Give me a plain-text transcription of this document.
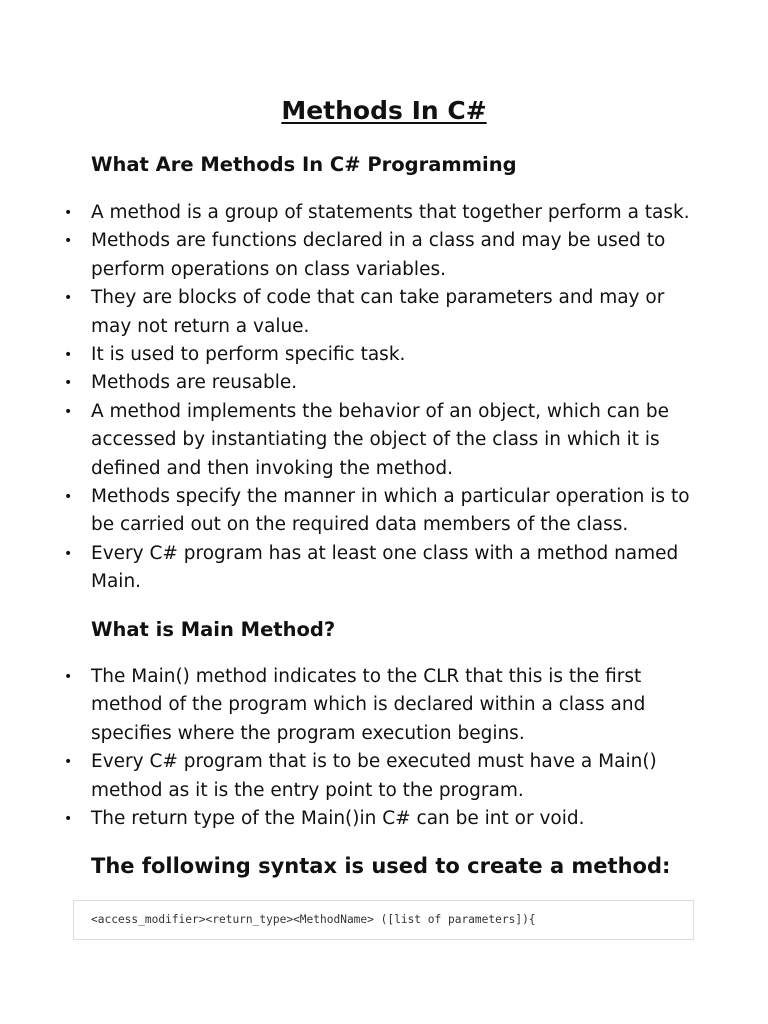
Methods In C#
What Are Methods In C# Programming
• A method is a group of statements that together perform a task.
• Methods are functions declared in a class and may be used to perform operations on class variables.
• They are blocks of code that can take parameters and may or may not return a value.
• It is used to perform specific task.
• Methods are reusable.
• A method implements the behavior of an object, which can be accessed by instantiating the object of the class in which it is defined and then invoking the method.
• Methods specify the manner in which a particular operation is to be carried out on the required data members of the class.
• Every C# program has at least one class with a method named Main.
What is Main Method?
• The Main() method indicates to the CLR that this is the first method of the program which is declared within a class and specifies where the program execution begins.
• Every C# program that is to be executed must have a Main() method as it is the entry point to the program.
• The return type of the Main()in C# can be int or void.
The following syntax is used to create a method:
<access_modifier><return_type><MethodName> ([list of parameters]){
